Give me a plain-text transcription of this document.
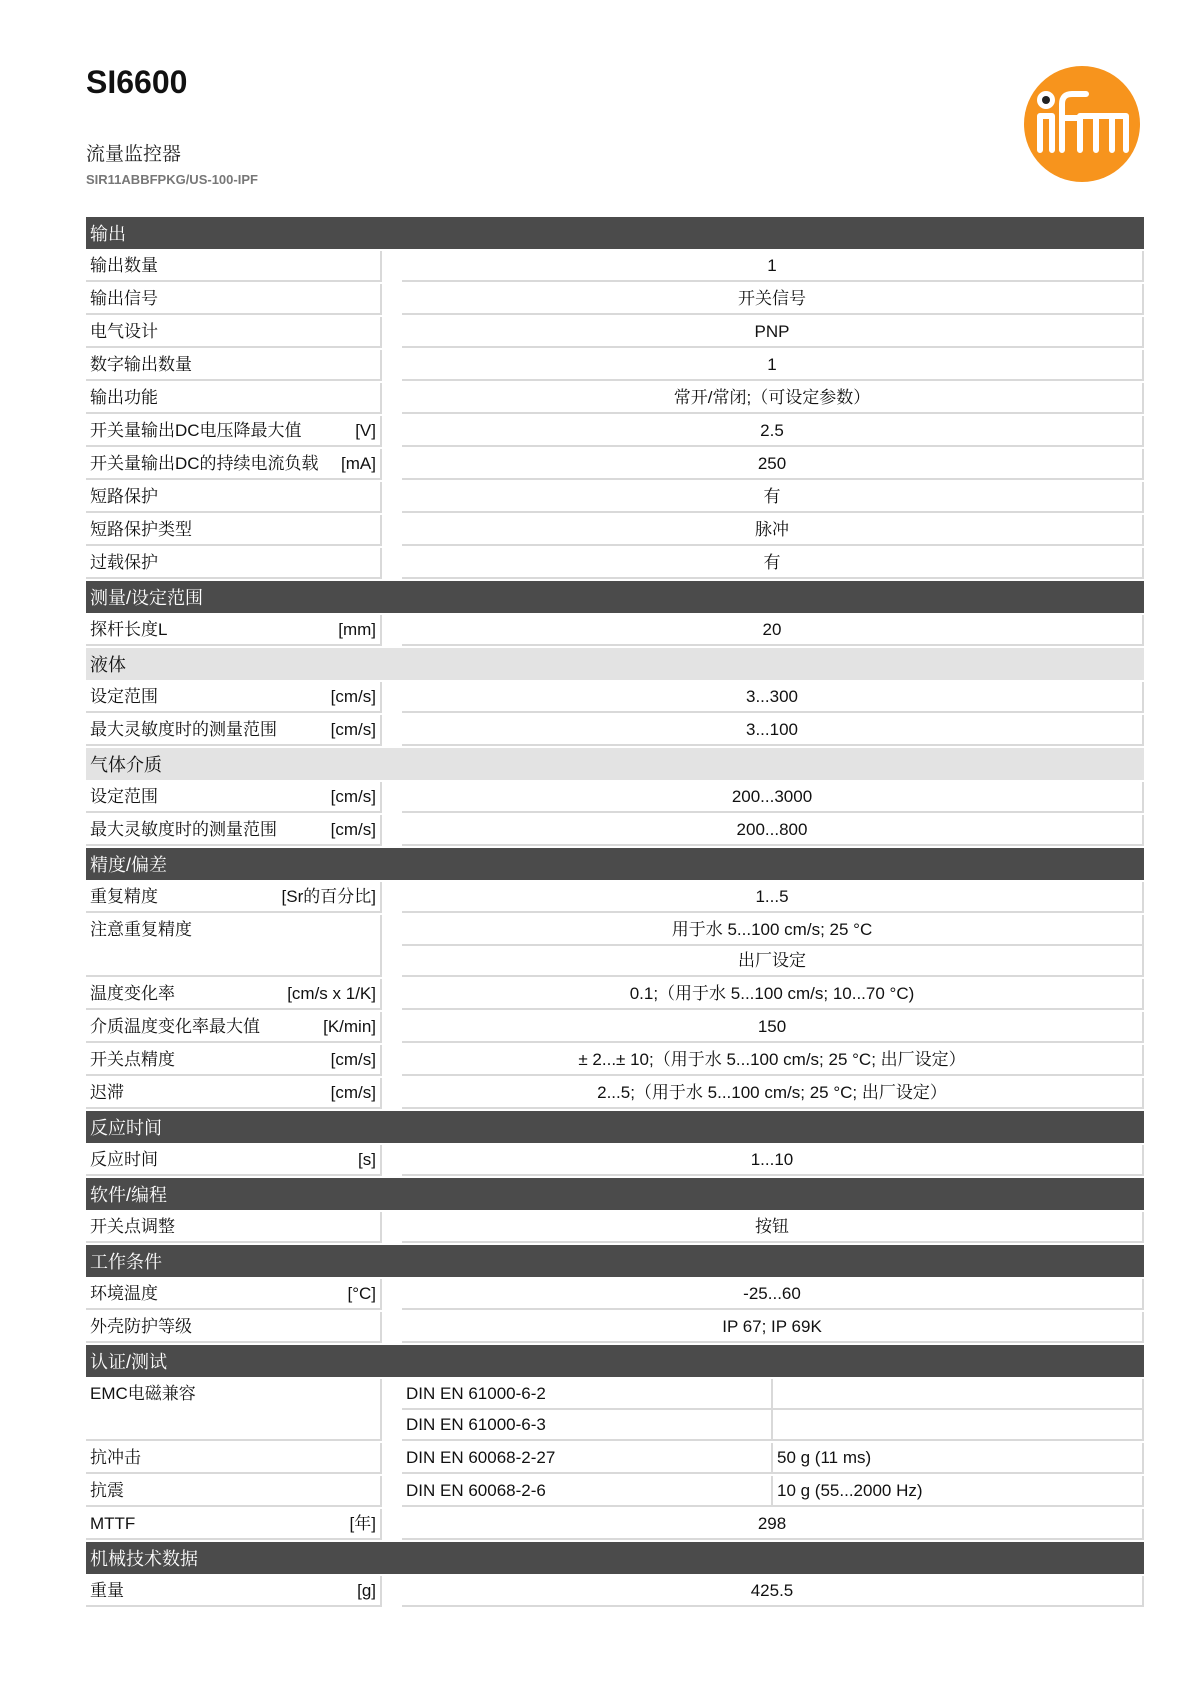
SI6600
流量监控器
SIR11ABBFPKG/US-100-IPF
输出
输出数量	1
输出信号	开关信号
电气设计	PNP
数字输出数量	1
输出功能	常开/常闭;（可设定参数）
开关量输出DC电压降最大值	[V]	2.5
开关量输出DC的持续电流负载	[mA]	250
短路保护	有
短路保护类型	脉冲
过载保护	有
测量/设定范围
探杆长度L	[mm]	20
液体
设定范围	[cm/s]	3...300
最大灵敏度时的测量范围	[cm/s]	3...100
气体介质
设定范围	[cm/s]	200...3000
最大灵敏度时的测量范围	[cm/s]	200...800
精度/偏差
重复精度	[Sr的百分比]	1...5
注意重复精度	用于水 5...100 cm/s; 25 °C
出厂设定
温度变化率	[cm/s x 1/K]	0.1;（用于水 5...100 cm/s; 10...70 °C)
介质温度变化率最大值	[K/min]	150
开关点精度	[cm/s]	± 2...± 10;（用于水 5...100 cm/s; 25 °C; 出厂设定）
迟滞	[cm/s]	2...5;（用于水 5...100 cm/s; 25 °C; 出厂设定）
反应时间
反应时间	[s]	1...10
软件/编程
开关点调整	按钮
工作条件
环境温度	[°C]	-25...60
外壳防护等级	IP 67; IP 69K
认证/测试
EMC电磁兼容	DIN EN 61000-6-2
DIN EN 61000-6-3
抗冲击	DIN EN 60068-2-27	50 g (11 ms)
抗震	DIN EN 60068-2-6	10 g (55...2000 Hz)
MTTF	[年]	298
机械技术数据
重量	[g]	425.5
